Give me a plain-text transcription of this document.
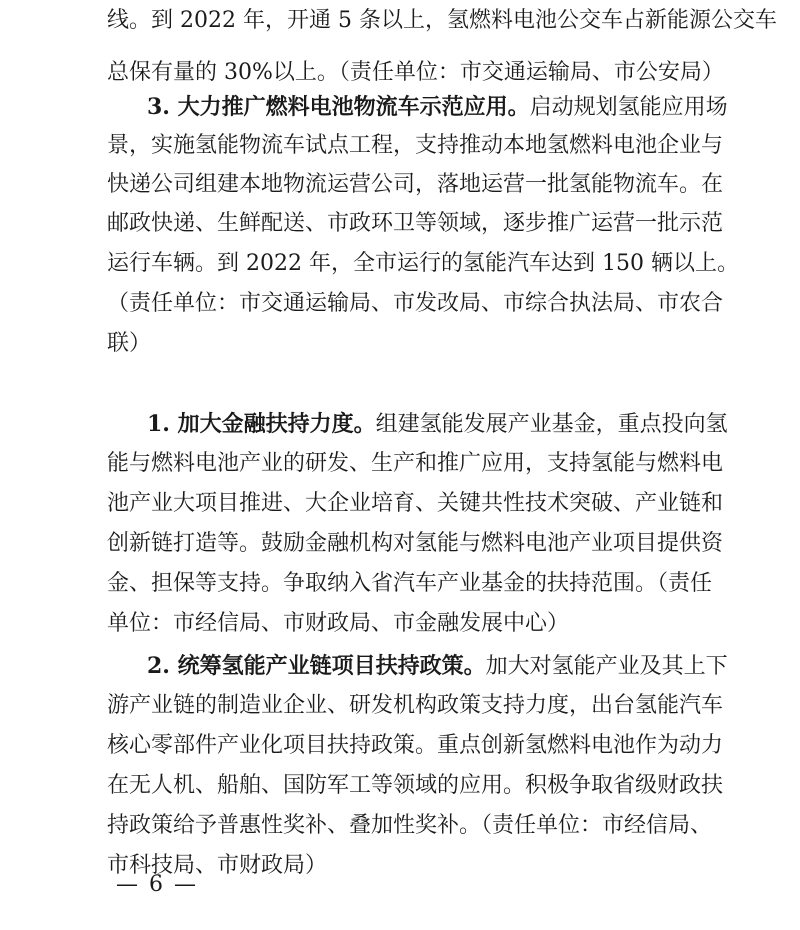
线。到 2022 年，开通 5 条以上，氢燃料电池公交车占新能源公交车
总保有量的 30%以上。（责任单位：市交通运输局、市公安局）
3. 大力推广燃料电池物流车示范应用。启动规划氢能应用场
景，实施氢能物流车试点工程，支持推动本地氢燃料电池企业与
快递公司组建本地物流运营公司，落地运营一批氢能物流车。在
邮政快递、生鲜配送、市政环卫等领域，逐步推广运营一批示范
运行车辆。到 2022 年，全市运行的氢能汽车达到 150 辆以上。
（责任单位：市交通运输局、市发改局、市综合执法局、市农合
联）
1. 加大金融扶持力度。组建氢能发展产业基金，重点投向氢
能与燃料电池产业的研发、生产和推广应用，支持氢能与燃料电
池产业大项目推进、大企业培育、关键共性技术突破、产业链和
创新链打造等。鼓励金融机构对氢能与燃料电池产业项目提供资
金、担保等支持。争取纳入省汽车产业基金的扶持范围。（责任
单位：市经信局、市财政局、市金融发展中心）
2. 统筹氢能产业链项目扶持政策。加大对氢能产业及其上下
游产业链的制造业企业、研发机构政策支持力度，出台氢能汽车
核心零部件产业化项目扶持政策。重点创新氢燃料电池作为动力
在无人机、船舶、国防军工等领域的应用。积极争取省级财政扶
持政策给予普惠性奖补、叠加性奖补。（责任单位：市经信局、
市科技局、市财政局）
— 6 —
